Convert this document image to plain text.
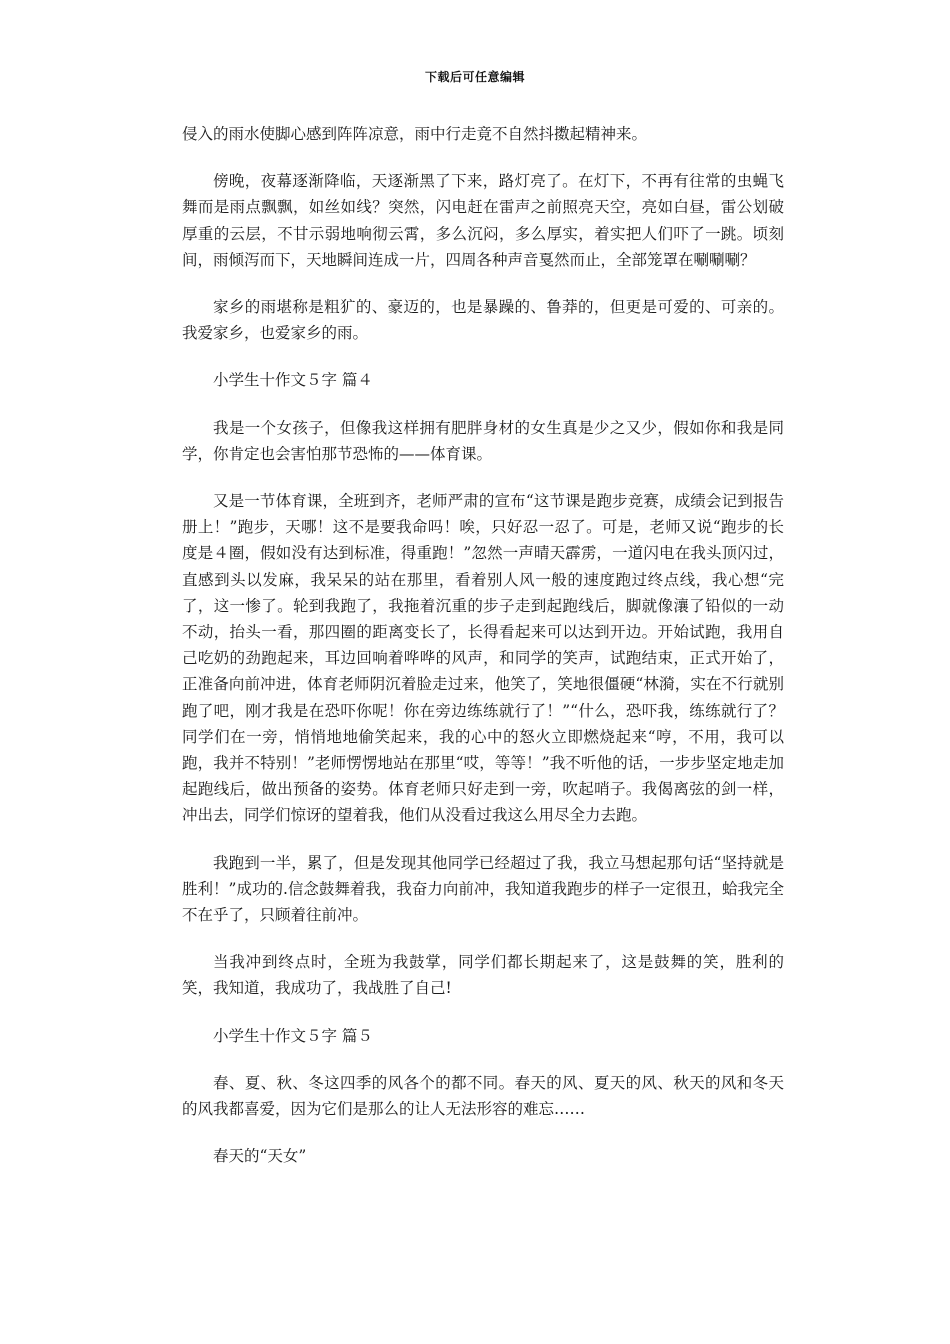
下载后可任意编辑

侵入的雨水使脚心感到阵阵凉意，雨中行走竟不自然抖擞起精神来。

傍晚，夜幕逐渐降临，天逐渐黑了下来，路灯亮了。在灯下，不再有往常的虫蝇飞舞而是雨点飘飘，如丝如线？突然，闪电赶在雷声之前照亮天空，亮如白昼，雷公划破厚重的云层，不甘示弱地响彻云霄，多么沉闷，多么厚实，着实把人们吓了一跳。顷刻间，雨倾泻而下，天地瞬间连成一片，四周各种声音戛然而止，全部笼罩在唰唰唰？

家乡的雨堪称是粗犷的、豪迈的，也是暴躁的、鲁莽的，但更是可爱的、可亲的。我爱家乡，也爱家乡的雨。

小学生十作文５字 篇４

我是一个女孩子，但像我这样拥有肥胖身材的女生真是少之又少，假如你和我是同学，你肯定也会害怕那节恐怖的——体育课。

又是一节体育课，全班到齐，老师严肃的宣布“这节课是跑步竞赛，成绩会记到报告册上！”跑步，天哪！这不是要我命吗！唉，只好忍一忍了。可是，老师又说“跑步的长度是４圈，假如没有达到标准，得重跑！”忽然一声晴天霹雳，一道闪电在我头顶闪过，直感到头以发麻，我呆呆的站在那里，看着别人风一般的速度跑过终点线，我心想“完了，这一惨了。轮到我跑了，我拖着沉重的步子走到起跑线后，脚就像瀼了铅似的一动不动，抬头一看，那四圈的距离变长了，长得看起来可以达到开边。开始试跑，我用自己吃奶的劲跑起来，耳边回响着哗哗的风声，和同学的笑声，试跑结束，正式开始了，正准备向前冲进，体育老师阴沉着脸走过来，他笑了，笑地很僵硬“林漪，实在不行就别跑了吧，刚才我是在恐吓你呢！你在旁边练练就行了！”“什么，恐吓我，练练就行了？同学们在一旁，悄悄地地偷笑起来，我的心中的怒火立即燃烧起来“哼，不用，我可以跑，我并不特别！”老师愣愣地站在那里“哎，等等！”我不听他的话，一步步坚定地走加起跑线后，做出预备的姿势。体育老师只好走到一旁，吹起哨子。我偈离弦的剑一样，冲出去，同学们惊讶的望着我，他们从没看过我这么用尽全力去跑。

我跑到一半，累了，但是发现其他同学已经超过了我，我立马想起那句话“坚持就是胜利！”成功的.信念鼓舞着我，我奋力向前冲，我知道我跑步的样子一定很丑，蛤我完全不在乎了，只顾着往前冲。

当我冲到终点时，全班为我鼓掌，同学们都长期起来了，这是鼓舞的笑，胜利的笑，我知道，我成功了，我战胜了自己!

小学生十作文５字 篇５

春、夏、秋、冬这四季的风各个的都不同。春天的风、夏天的风、秋天的风和冬天的风我都喜爱，因为它们是那么的让人无法形容的难忘……

春天的“天女”
